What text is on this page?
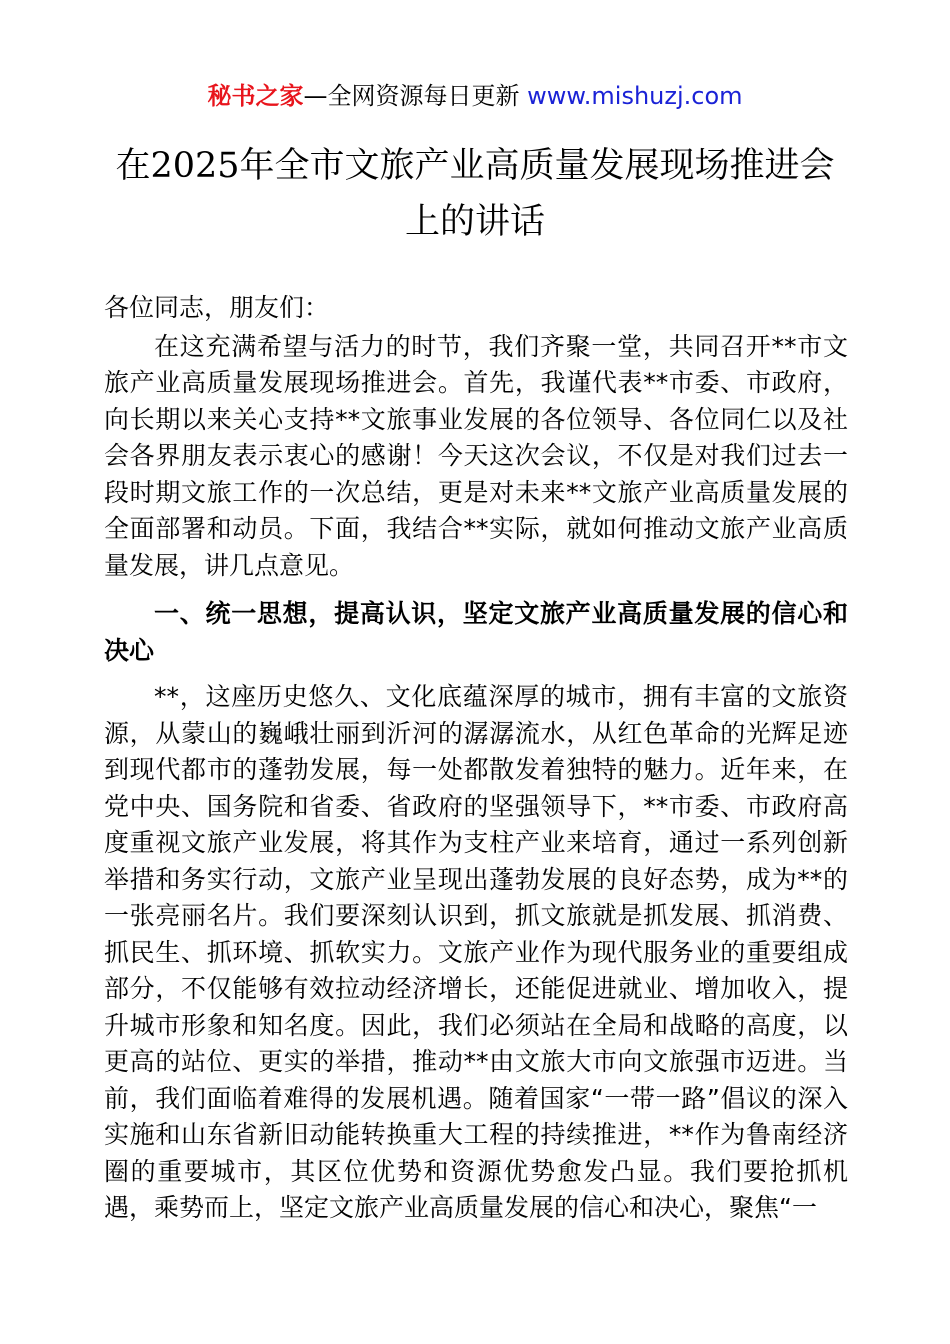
秘书之家—全网资源每日更新 www.mishuzj.com
在2025年全市文旅产业高质量发展现场推进会上的讲话

各位同志，朋友们：

在这充满希望与活力的时节，我们齐聚一堂，共同召开**市文旅产业高质量发展现场推进会。首先，我谨代表**市委、市政府，向长期以来关心支持**文旅事业发展的各位领导、各位同仁以及社会各界朋友表示衷心的感谢！今天这次会议，不仅是对我们过去一段时期文旅工作的一次总结，更是对未来**文旅产业高质量发展的全面部署和动员。下面，我结合**实际，就如何推动文旅产业高质量发展，讲几点意见。

一、统一思想，提高认识，坚定文旅产业高质量发展的信心和决心

**，这座历史悠久、文化底蕴深厚的城市，拥有丰富的文旅资源，从蒙山的巍峨壮丽到沂河的潺潺流水，从红色革命的光辉足迹到现代都市的蓬勃发展，每一处都散发着独特的魅力。近年来，在党中央、国务院和省委、省政府的坚强领导下，**市委、市政府高度重视文旅产业发展，将其作为支柱产业来培育，通过一系列创新举措和务实行动，文旅产业呈现出蓬勃发展的良好态势，成为**的一张亮丽名片。我们要深刻认识到，抓文旅就是抓发展、抓消费、抓民生、抓环境、抓软实力。文旅产业作为现代服务业的重要组成部分，不仅能够有效拉动经济增长，还能促进就业、增加收入，提升城市形象和知名度。因此，我们必须站在全局和战略的高度，以更高的站位、更实的举措，推动**由文旅大市向文旅强市迈进。当前，我们面临着难得的发展机遇。随着国家“一带一路”倡议的深入实施和山东省新旧动能转换重大工程的持续推进，**作为鲁南经济圈的重要城市，其区位优势和资源优势愈发凸显。我们要抢抓机遇，乘势而上，坚定文旅产业高质量发展的信心和决心，聚焦“一
